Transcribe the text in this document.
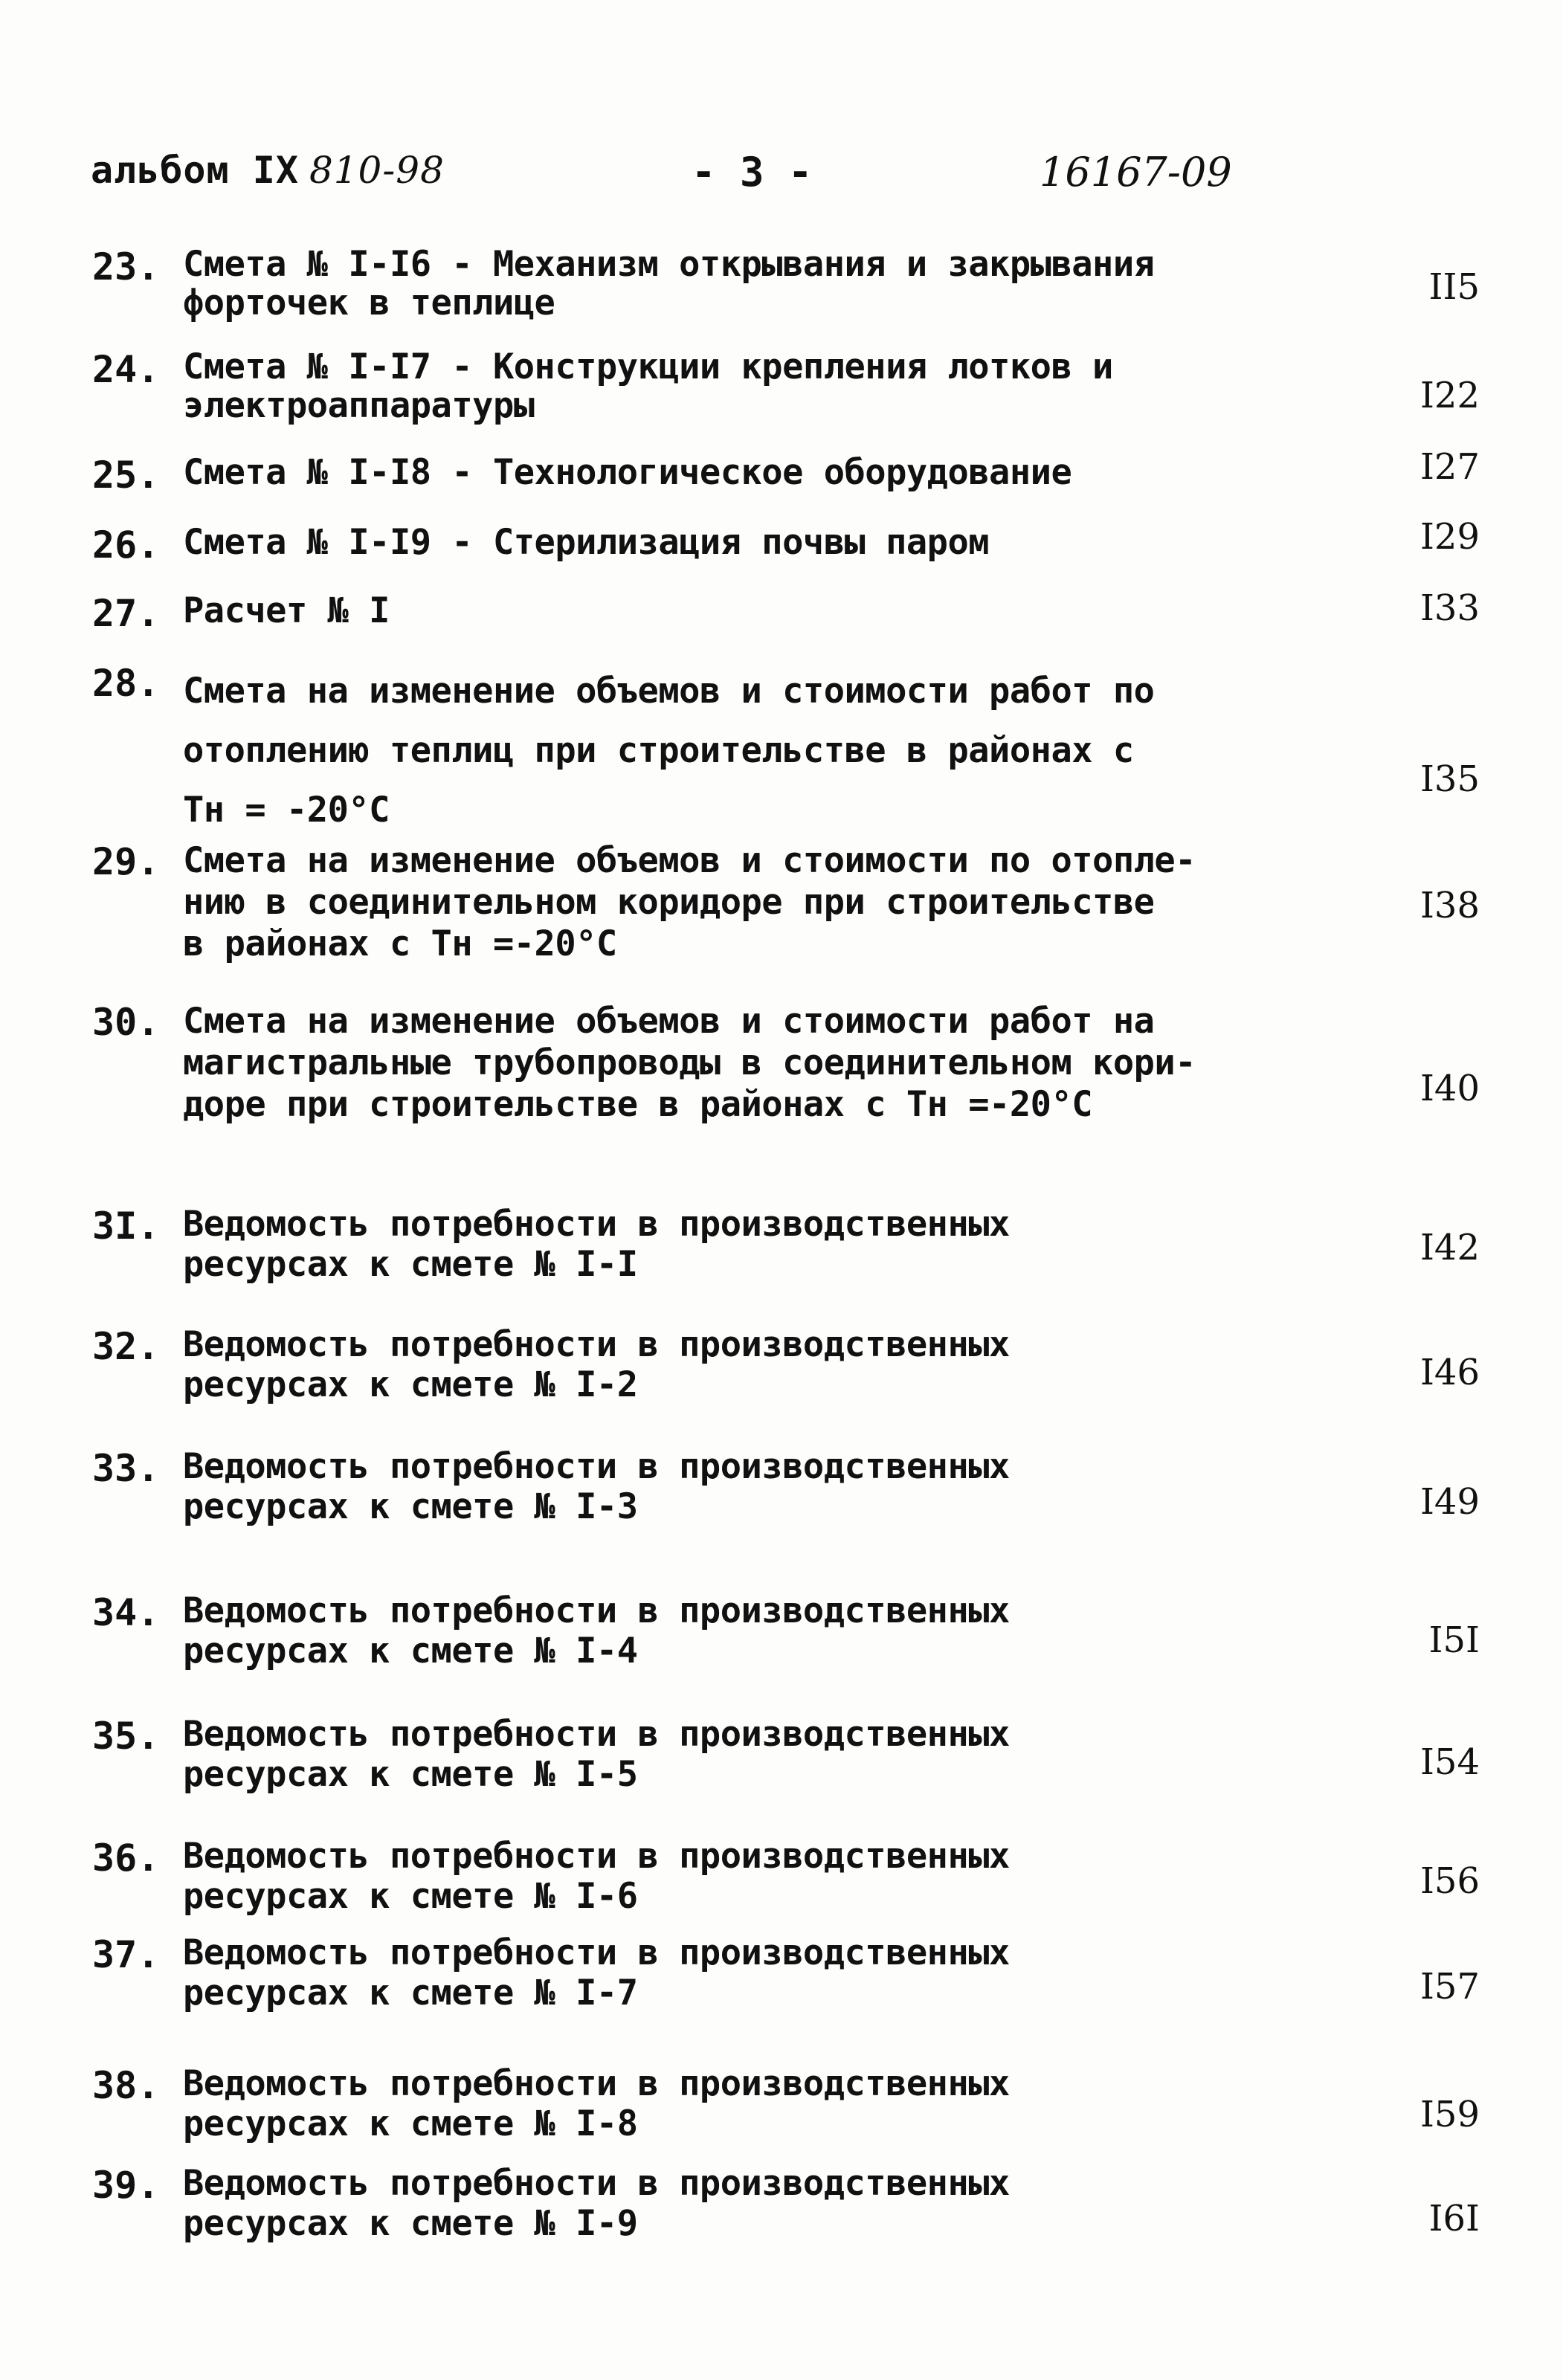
альбом IX 810-98	- 3 -	16167-09
23. Смета № I-I6 - Механизм открывания и закрывания
форточек в теплице	II5
24. Смета № I-I7 - Конструкции крепления лотков и
электроаппаратуры	I22
25. Смета № I-I8 - Технологическое оборудование	I27
26. Смета № I-I9 - Стерилизация почвы паром	I29
27. Расчет № I	I33
28. Смета на изменение объемов и стоимости работ по
отоплению теплиц при строительстве в районах с
Тн = -20°С
I35
29. Смета на изменение объемов и стоимости по отопле-
нию в соединительном коридоре при строительстве
в районах с Тн =-20°С
I38
30. Смета на изменение объемов и стоимости работ на
магистральные трубопроводы в соединительном кори-
доре при строительстве в районах с Тн =-20°С	I40
3I. Ведомость потребности в производственных
ресурсах к смете № I-I	I42
32. Ведомость потребности в производственных
ресурсах к смете № I-2	I46
33. Ведомость потребности в производственных
ресурсах к смете № I-3	I49
34. Ведомость потребности в производственных
ресурсах к смете № I-4	I5I
35. Ведомость потребности в производственных
ресурсах к смете № I-5	I54
36. Ведомость потребности в производственных
ресурсах к смете № I-6	I56
37. Ведомость потребности в производственных
ресурсах к смете № I-7	I57
38. Ведомость потребности в производственных
ресурсах к смете № I-8	I59
39. Ведомость потребности в производственных
ресурсах к смете № I-9	I6I
